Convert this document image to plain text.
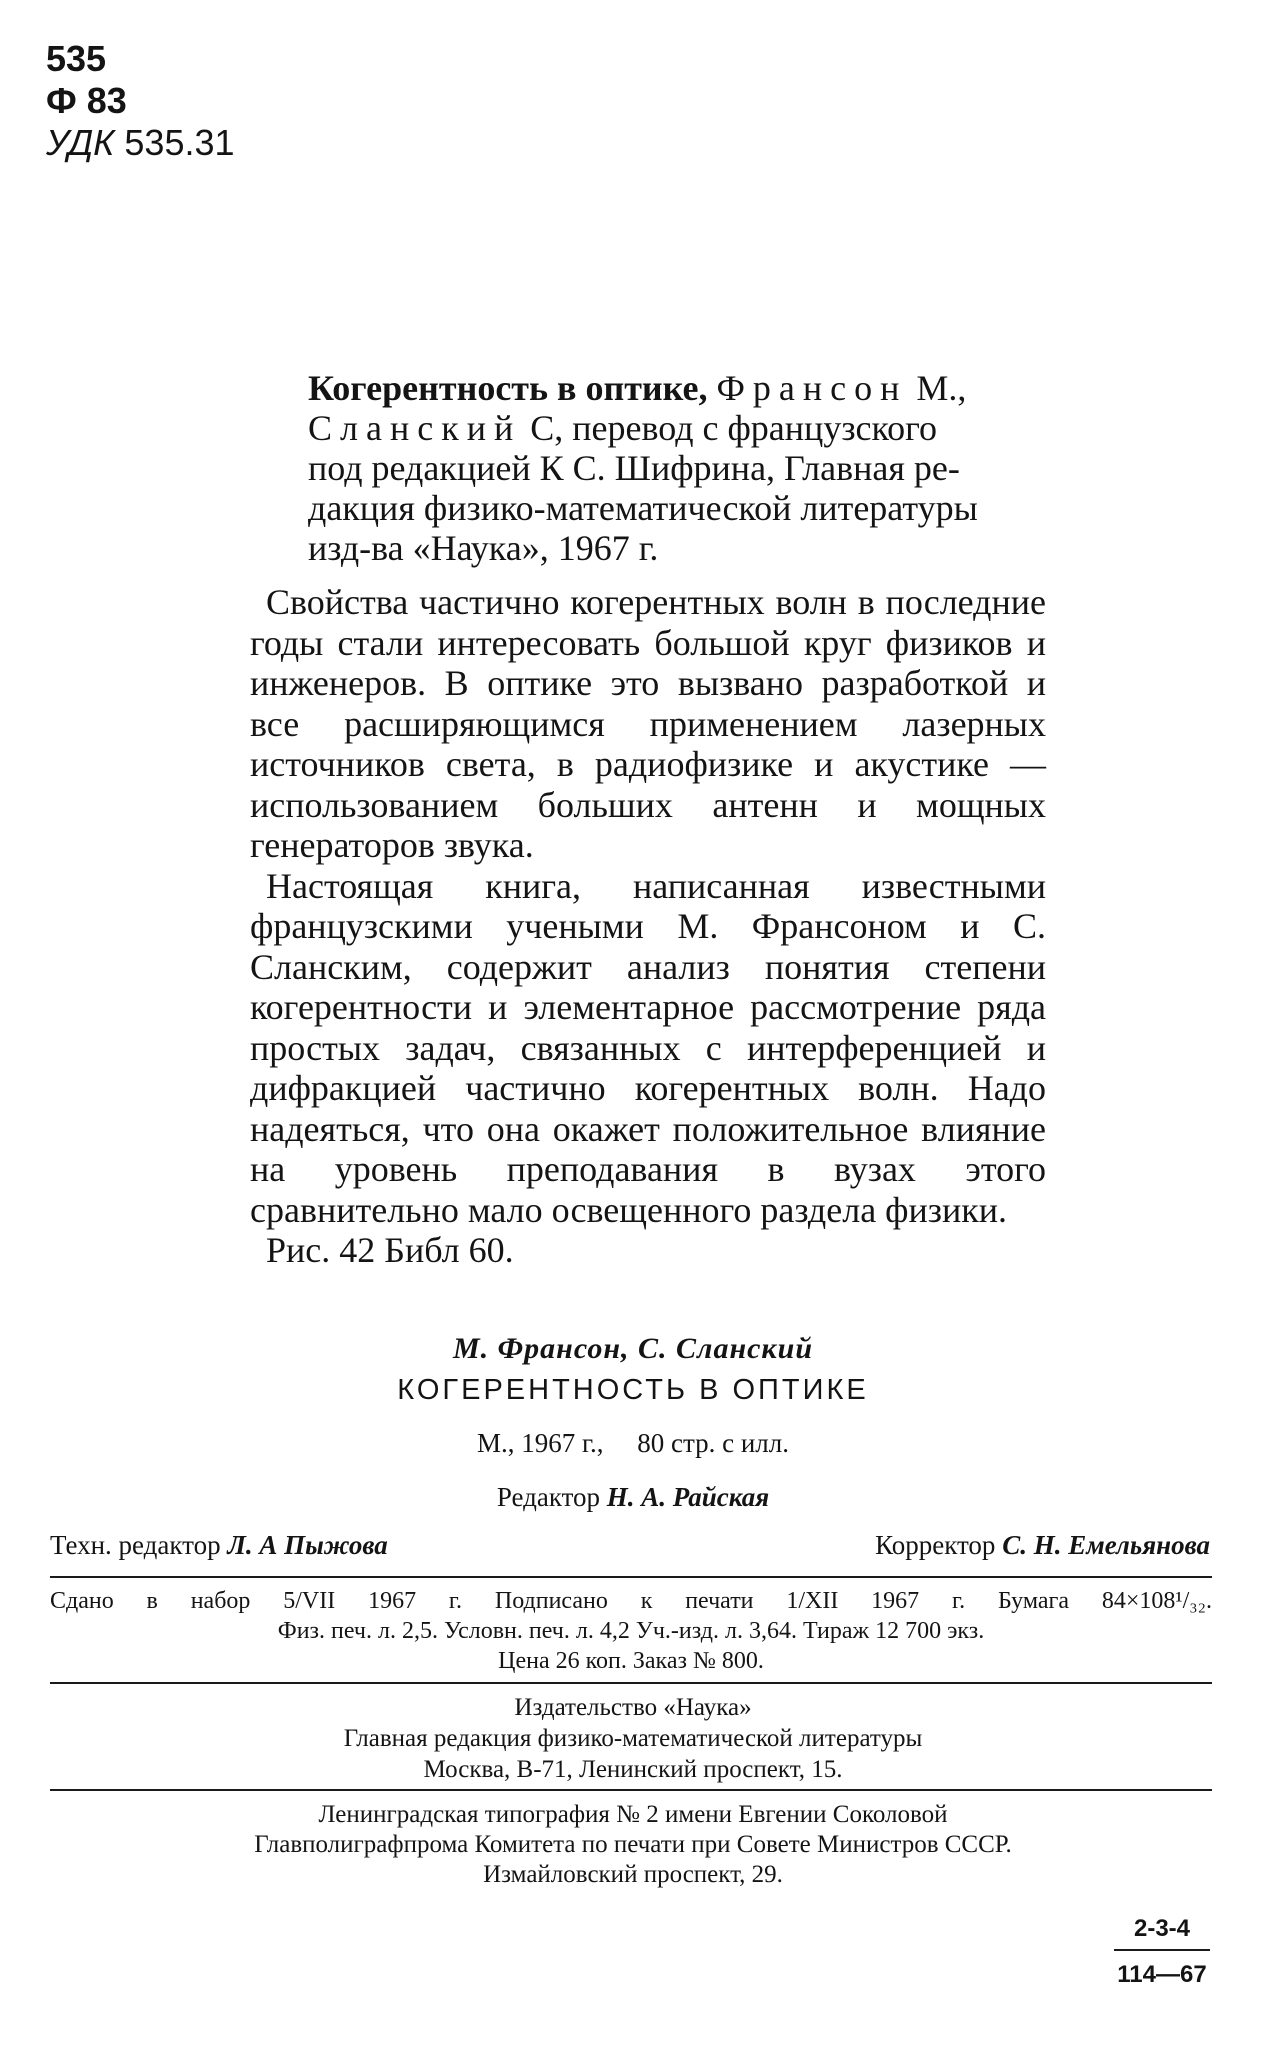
535
Ф 83
УДК 535.31
Когерентность в оптике, Франсон М.,
Сланский С, перевод с французского
под редакцией К С. Шифрина, Главная ре-
дакция физико-математической литературы
изд-ва «Наука», 1967 г.

Свойства частично когерентных волн в последние годы стали интересовать большой круг физиков и инженеров. В оптике это вызвано разработкой и все расширяющимся применением лазерных источников света, в радиофизике и акустике — использованием больших антенн и мощных генераторов звука.

Настоящая книга, написанная известными французскими учеными М. Франсоном и С. Сланским, содержит анализ понятия степени когерентности и элементарное рассмотрение ряда простых задач, связанных с интерференцией и дифракцией частично когерентных волн. Надо надеяться, что она окажет положительное влияние на уровень преподавания в вузах этого сравнительно мало освещенного раздела физики.

Рис. 42 Библ 60.
М. Франсон, С. Сланский
КОГЕРЕНТНОСТЬ В ОПТИКЕ
М., 1967 г., 80 стр. с илл.
Редактор Н. А. Райская
Техн. редактор Л. А Пыжова	Корректор С. Н. Емельянова
Сдано в набор 5/VII 1967 г. Подписано к печати 1/XII 1967 г. Бумага 84×108¹/₃₂.
Физ. печ. л. 2,5. Условн. печ. л. 4,2 Уч.-изд. л. 3,64. Тираж 12 700 экз.
Цена 26 коп. Заказ № 800.
Издательство «Наука»
Главная редакция физико-математической литературы
Москва, В-71, Ленинский проспект, 15.
Ленинградская типография № 2 имени Евгении Соколовой
Главполиграфпрома Комитета по печати при Совете Министров СССР.
Измайловский проспект, 29.
2-3-4
114—67
